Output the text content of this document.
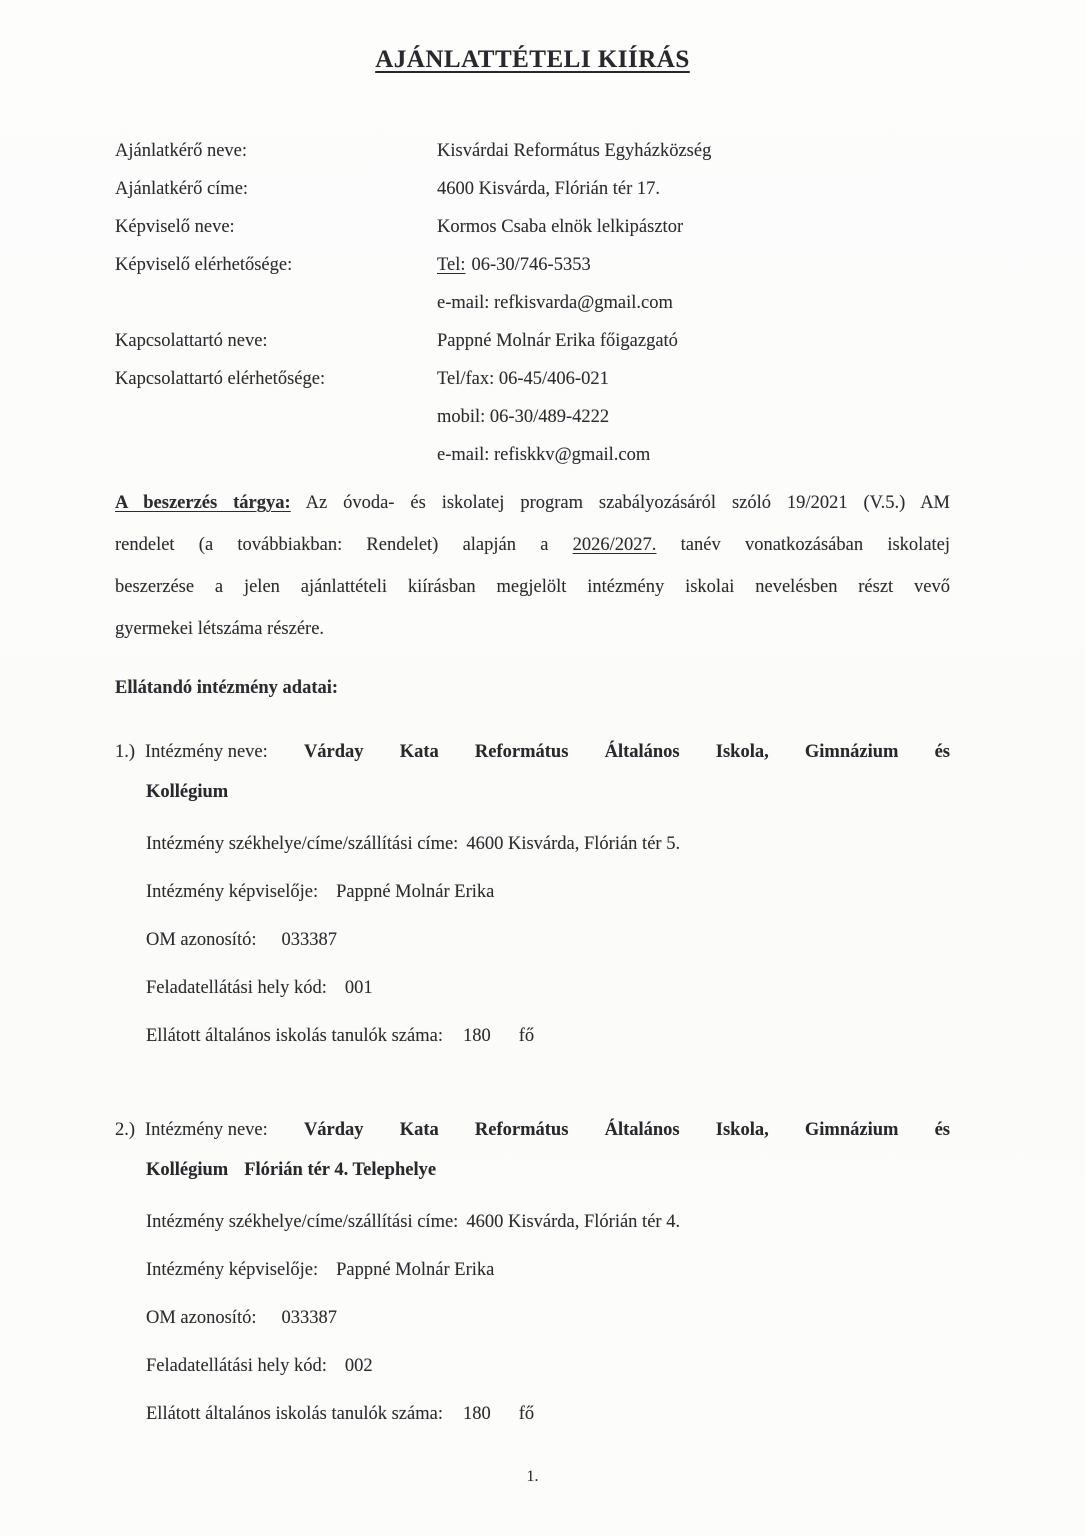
AJÁNLATTÉTELI KIÍRÁS
Ajánlatkérő neve:	Kisvárdai Református Egyházközség
Ajánlatkérő címe:	4600 Kisvárda, Flórián tér 17.
Képviselő neve:	Kormos Csaba elnök lelkipásztor
Képviselő elérhetősége:	Tel: 06-30/746-5353
e-mail: refkisvarda@gmail.com
Kapcsolattartó neve:	Pappné Molnár Erika főigazgató
Kapcsolattartó elérhetősége:	Tel/fax: 06-45/406-021
mobil: 06-30/489-4222
e-mail: refiskkv@gmail.com
A beszerzés tárgya: Az óvoda- és iskolatej program szabályozásáról szóló 19/2021 (V.5.) AM
rendelet (a továbbiakban: Rendelet) alapján a 2026/2027. tanév vonatkozásában iskolatej
beszerzése a jelen ajánlattételi kiírásban megjelölt intézmény iskolai nevelésben részt vevő
gyermekei létszáma részére.

Ellátandó intézmény adatai:

1.) Intézmény neve: Várday Kata Református Általános Iskola, Gimnázium és
Kollégium
Intézmény székhelye/címe/szállítási címe: 4600 Kisvárda, Flórián tér 5.
Intézmény képviselője: Pappné Molnár Erika
OM azonosító: 033387
Feladatellátási hely kód: 001
Ellátott általános iskolás tanulók száma: 180 fő
2.) Intézmény neve: Várday Kata Református Általános Iskola, Gimnázium és
Kollégium Flórián tér 4. Telephelye
Intézmény székhelye/címe/szállítási címe: 4600 Kisvárda, Flórián tér 4.
Intézmény képviselője: Pappné Molnár Erika
OM azonosító: 033387
Feladatellátási hely kód: 002
Ellátott általános iskolás tanulók száma: 180 fő
1.
